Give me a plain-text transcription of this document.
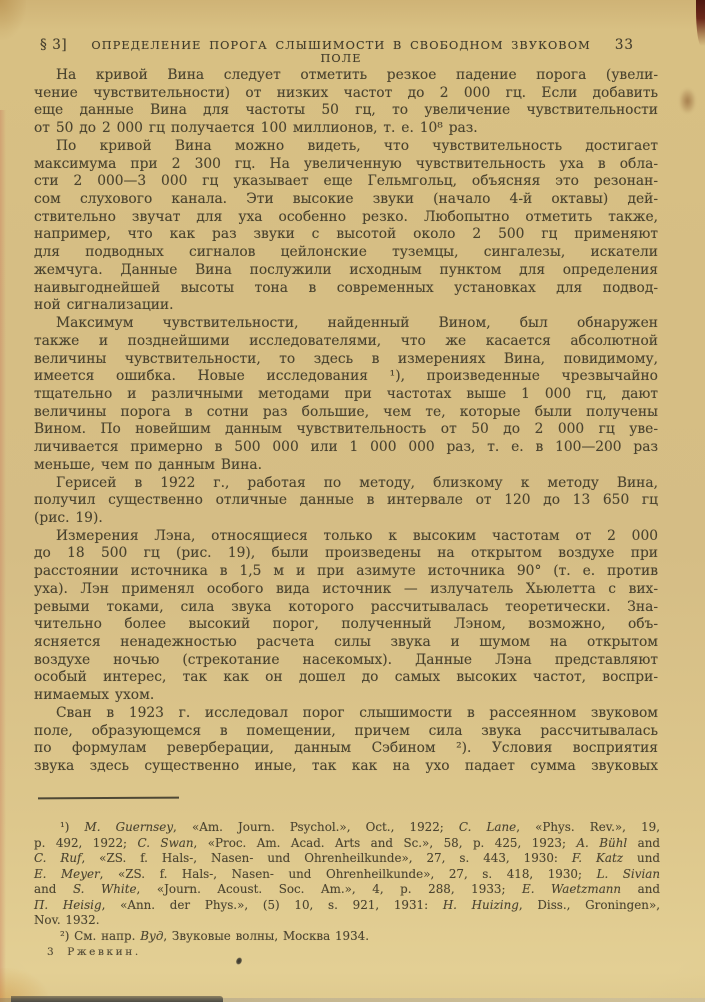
§ 3]	ОПРЕДЕЛЕНИЕ ПОРОГА СЛЫШИМОСТИ В СВОБОДНОМ ЗВУКОВОМ ПОЛЕ
33
На кривой Вина следует отметить резкое падение порога (увели-
чение чувствительности) от низких частот до 2 000 гц. Если добавить
еще данные Вина для частоты 50 гц, то увеличение чувствительности
от 50 до 2 000 гц получается 100 миллионов, т. е. 10⁸ раз.
По кривой Вина можно видеть, что чувствительность достигает
максимума при 2 300 гц. На увеличенную чувствительность уха в обла-
сти 2 000—3 000 гц указывает еще Гельмгольц, объясняя это резонан-
сом слухового канала. Эти высокие звуки (начало 4-й октавы) дей-
ствительно звучат для уха особенно резко. Любопытно отметить также,
например, что как раз звуки с высотой около 2 500 гц применяют
для подводных сигналов цейлонские туземцы, сингалезы, искатели
жемчуга. Данные Вина послужили исходным пунктом для определения
наивыгоднейшей высоты тона в современных установках для подвод-
ной сигнализации.
Максимум чувствительности, найденный Вином, был обнаружен
также и позднейшими исследователями, что же касается абсолютной
величины чувствительности, то здесь в измерениях Вина, повидимому,
имеется ошибка. Новые исследования ¹), произведенные чрезвычайно
тщательно и различными методами при частотах выше 1 000 гц, дают
величины порога в сотни раз большие, чем те, которые были получены
Вином. По новейшим данным чувствительность от 50 до 2 000 гц уве-
личивается примерно в 500 000 или 1 000 000 раз, т. е. в 100—200 раз
меньше, чем по данным Вина.
Герисей в 1922 г., работая по методу, близкому к методу Вина,
получил существенно отличные данные в интервале от 120 до 13 650 гц
(рис. 19).
Измерения Лэна, относящиеся только к высоким частотам от 2 000
до 18 500 гц (рис. 19), были произведены на открытом воздухе при
расстоянии источника в 1,5 м и при азимуте источника 90° (т. е. против
уха). Лэн применял особого вида источник — излучатель Хьюлетта с вих-
ревыми токами, сила звука которого рассчитывалась теоретически. Зна-
чительно более высокий порог, полученный Лэном, возможно, объ-
ясняется ненадежностью расчета силы звука и шумом на открытом
воздухе ночью (стрекотание насекомых). Данные Лэна представляют
особый интерес, так как он дошел до самых высоких частот, воспри-
нимаемых ухом.
Сван в 1923 г. исследовал порог слышимости в рассеянном звуковом
поле, образующемся в помещении, причем сила звука рассчитывалась
по формулам реверберации, данным Сэбином ²). Условия восприятия
звука здесь существенно иные, так как на ухо падает сумма звуковых
¹) M. Guernsey, «Am. Journ. Psychol.», Oct., 1922; C. Lane, «Phys. Rev.», 19,
p. 492, 1922; C. Swan, «Proc. Am. Acad. Arts and Sc.», 58, p. 425, 1923; A. Bühl and
C. Ruf, «ZS. f. Hals-, Nasen- und Ohrenheilkunde», 27, s. 443, 1930: F. Katz und
E. Meyer, «ZS. f. Hals-, Nasen- und Ohrenheilkunde», 27, s. 418, 1930; L. Sivian
and S. White, «Journ. Acoust. Soc. Am.», 4, p. 288, 1933; E. Waetzmann and
П. Heisig, «Ann. der Phys.», (5) 10, s. 921, 1931: H. Huizing, Diss., Groningen»,
Nov. 1932.
²) См. напр. Вуд, Звуковые волны, Москва 1934.
3 Ржевкин.
